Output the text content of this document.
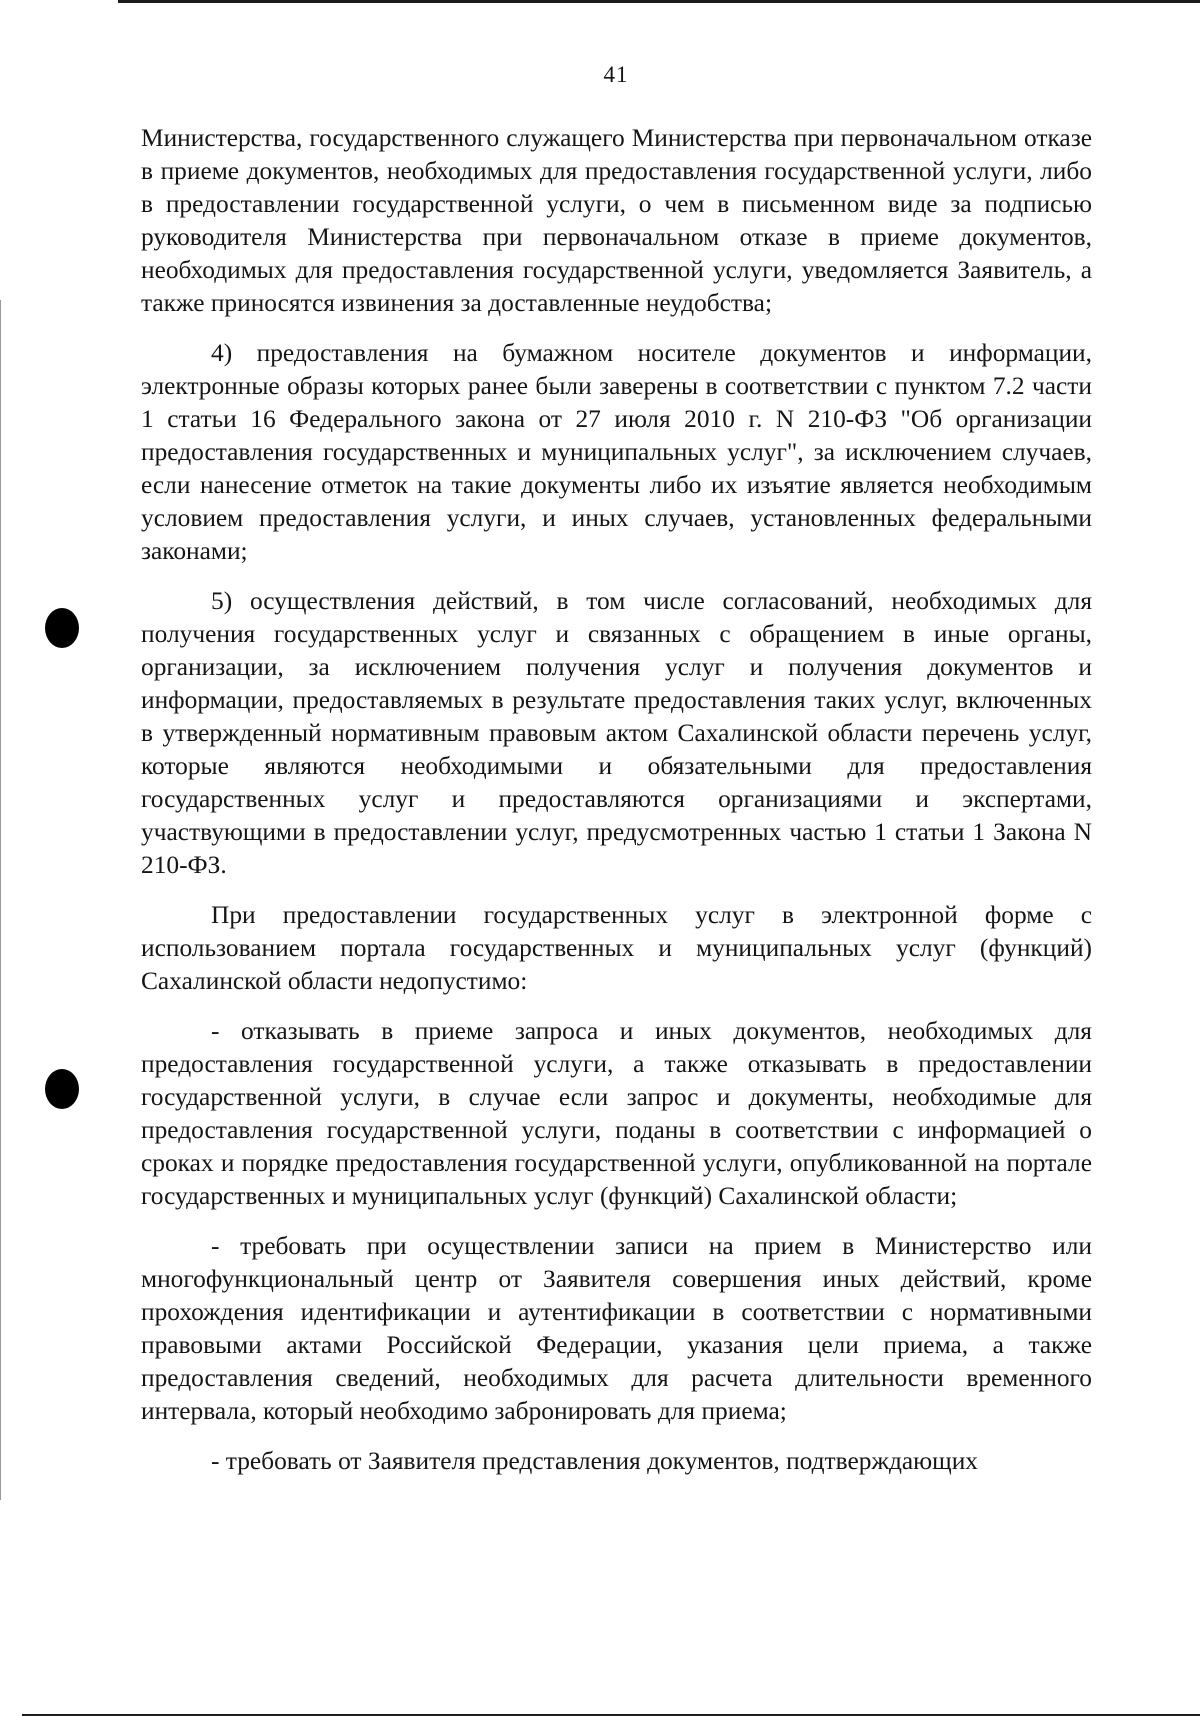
41

Министерства, государственного служащего Министерства при первоначальном отказе в приеме документов, необходимых для предоставления государственной услуги, либо в предоставлении государственной услуги, о чем в письменном виде за подписью руководителя Министерства при первоначальном отказе в приеме документов, необходимых для предоставления государственной услуги, уведомляется Заявитель, а также приносятся извинения за доставленные неудобства;

4) предоставления на бумажном носителе документов и информации, электронные образы которых ранее были заверены в соответствии с пунктом 7.2 части 1 статьи 16 Федерального закона от 27 июля 2010 г. N 210-ФЗ "Об организации предоставления государственных и муниципальных услуг", за исключением случаев, если нанесение отметок на такие документы либо их изъятие является необходимым условием предоставления услуги, и иных случаев, установленных федеральными законами;

5) осуществления действий, в том числе согласований, необходимых для получения государственных услуг и связанных с обращением в иные органы, организации, за исключением получения услуг и получения документов и информации, предоставляемых в результате предоставления таких услуг, включенных в утвержденный нормативным правовым актом Сахалинской области перечень услуг, которые являются необходимыми и обязательными для предоставления государственных услуг и предоставляются организациями и экспертами, участвующими в предоставлении услуг, предусмотренных частью 1 статьи 1 Закона N 210-ФЗ.

При предоставлении государственных услуг в электронной форме с использованием портала государственных и муниципальных услуг (функций) Сахалинской области недопустимо:

- отказывать в приеме запроса и иных документов, необходимых для предоставления государственной услуги, а также отказывать в предоставлении государственной услуги, в случае если запрос и документы, необходимые для предоставления государственной услуги, поданы в соответствии с информацией о сроках и порядке предоставления государственной услуги, опубликованной на портале государственных и муниципальных услуг (функций) Сахалинской области;

- требовать при осуществлении записи на прием в Министерство или многофункциональный центр от Заявителя совершения иных действий, кроме прохождения идентификации и аутентификации в соответствии с нормативными правовыми актами Российской Федерации, указания цели приема, а также предоставления сведений, необходимых для расчета длительности временного интервала, который необходимо забронировать для приема;

- требовать от Заявителя представления документов, подтверждающих
